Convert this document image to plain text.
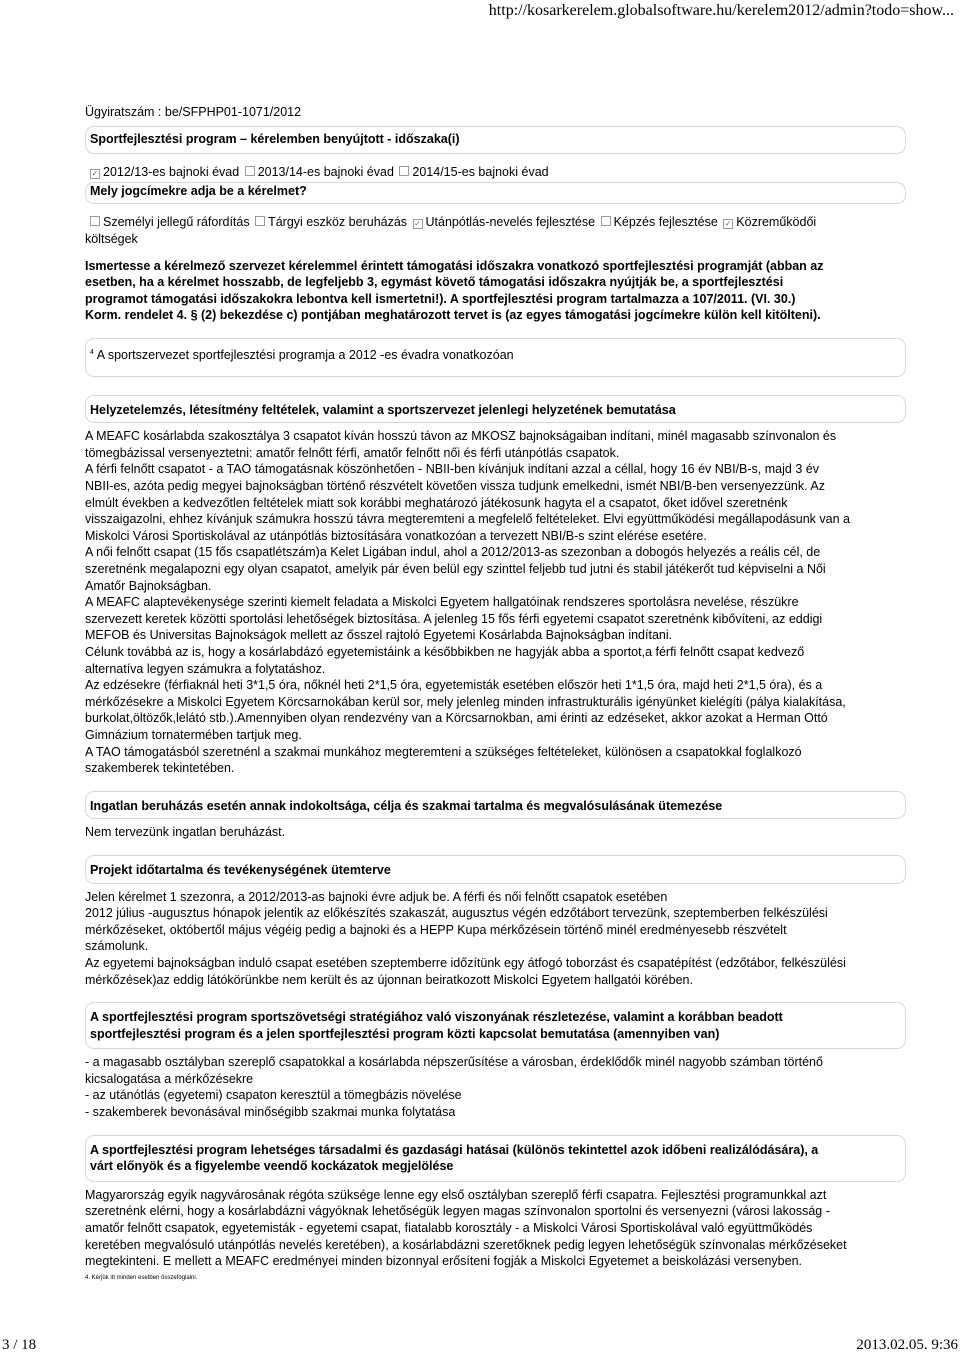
http://kosarkerelem.globalsoftware.hu/kerelem2012/admin?todo=show...
Ügyiratszám : be/SFPHP01-1071/2012
Sportfejlesztési program – kérelemben benyújtott - időszaka(i)
✓ 2012/13-es bajnoki évad 2013/14-es bajnoki évad 2014/15-es bajnoki évad
Mely jogcímekre adja be a kérelmet?
Személyi jellegű ráfordítás Tárgyi eszköz beruházás ✓ Utánpótlás-nevelés fejlesztése Képzés fejlesztése ✓ Közreműködői
költségek
Ismertesse a kérelmező szervezet kérelemmel érintett támogatási időszakra vonatkozó sportfejlesztési programját (abban az
esetben, ha a kérelmet hosszabb, de legfeljebb 3, egymást követő támogatási időszakra nyújtják be, a sportfejlesztési
programot támogatási időszakokra lebontva kell ismertetni!). A sportfejlesztési program tartalmazza a 107/2011. (VI. 30.)
Korm. rendelet 4. § (2) bekezdése c) pontjában meghatározott tervet is (az egyes támogatási jogcímekre külön kell kitölteni).
$^4$ A sportszervezet sportfejlesztési programja a 2012 -es évadra vonatkozóan
Helyzetelemzés, létesítmény feltételek, valamint a sportszervezet jelenlegi helyzetének bemutatása
A MEAFC kosárlabda szakosztálya 3 csapatot kíván hosszú távon az MKOSZ bajnokságaiban indítani, minél magasabb színvonalon és
tömegbázissal versenyeztetni: amatőr felnőtt férfi, amatőr felnőtt női és férfi utánpótlás csapatok.
A férfi felnőtt csapatot - a TAO támogatásnak köszönhetően - NBII-ben kívánjuk indítani azzal a céllal, hogy 16 év NBI/B-s, majd 3 év
NBII-es, azóta pedig megyei bajnokságban történő részvételt követően vissza tudjunk emelkedni, ismét NBI/B-ben versenyezzünk. Az
elmúlt években a kedvezőtlen feltételek miatt sok korábbi meghatározó játékosunk hagyta el a csapatot, őket idővel szeretnénk
visszaigazolni, ehhez kívánjuk számukra hosszú távra megteremteni a megfelelő feltételeket. Elvi együttműködési megállapodásunk van a
Miskolci Városi Sportiskolával az utánpótlás biztosítására vonatkozóan a tervezett NBI/B-s szint elérése esetére.
A női felnőtt csapat (15 fős csapatlétszám)a Kelet Ligában indul, ahol a 2012/2013-as szezonban a dobogós helyezés a reális cél, de
szeretnénk megalapozni egy olyan csapatot, amelyik pár éven belül egy szinttel feljebb tud jutni és stabil játékerőt tud képviselni a Női
Amatőr Bajnokságban.
A MEAFC alaptevékenysége szerinti kiemelt feladata a Miskolci Egyetem hallgatóinak rendszeres sportolásra nevelése, részükre
szervezett keretek közötti sportolási lehetőségek biztosítása. A jelenleg 15 fős férfi egyetemi csapatot szeretnénk kibővíteni, az eddigi
MEFOB és Universitas Bajnokságok mellett az ősszel rajtoló Egyetemi Kosárlabda Bajnokságban indítani.
Célunk továbbá az is, hogy a kosárlabdázó egyetemistáink a későbbikben ne hagyják abba a sportot,a férfi felnőtt csapat kedvező
alternatíva legyen számukra a folytatáshoz.
Az edzésekre (férfiaknál heti 3*1,5 óra, nőknél heti 2*1,5 óra, egyetemisták esetében először heti 1*1,5 óra, majd heti 2*1,5 óra), és a
mérkőzésekre a Miskolci Egyetem Körcsarnokában kerül sor, mely jelenleg minden infrastrukturális igényünket kielégíti (pálya kialakítása,
burkolat,öltözők,lelátó stb.).Amennyiben olyan rendezvény van a Körcsarnokban, ami érinti az edzéseket, akkor azokat a Herman Ottó
Gimnázium tornatermében tartjuk meg.
A TAO támogatásból szeretnénl a szakmai munkához megteremteni a szükséges feltételeket, különösen a csapatokkal foglalkozó
szakemberek tekintetében.
Ingatlan beruházás esetén annak indokoltsága, célja és szakmai tartalma és megvalósulásának ütemezése
Nem tervezünk ingatlan beruházást.
Projekt időtartalma és tevékenységének ütemterve
Jelen kérelmet 1 szezonra, a 2012/2013-as bajnoki évre adjuk be. A férfi és női felnőtt csapatok esetében
2012 július -augusztus hónapok jelentik az előkészítés szakaszát, augusztus végén edzőtábort tervezünk, szeptemberben felkészülési
mérkőzéseket, októbertől május végéig pedig a bajnoki és a HEPP Kupa mérkőzésein történő minél eredményesebb részvételt
számolunk.
Az egyetemi bajnokságban induló csapat esetében szeptemberre időzítünk egy átfogó toborzást és csapatépítést (edzőtábor, felkészülési
mérkőzések)az eddig látókörünkbe nem került és az újonnan beiratkozott Miskolci Egyetem hallgatói körében.
A sportfejlesztési program sportszövetségi stratégiához való viszonyának részletezése, valamint a korábban beadott
sportfejlesztési program és a jelen sportfejlesztési program közti kapcsolat bemutatása (amennyiben van)
- a magasabb osztályban szereplő csapatokkal a kosárlabda népszerűsítése a városban, érdeklődők minél nagyobb számban történő
kicsalogatása a mérkőzésekre
- az utánótlás (egyetemi) csapaton keresztül a tömegbázis növelése
- szakemberek bevonásával minőségibb szakmai munka folytatása
A sportfejlesztési program lehetséges társadalmi és gazdasági hatásai (különös tekintettel azok időbeni realizálódására), a
várt előnyök és a figyelembe veendő kockázatok megjelölése
Magyarország egyik nagyvárosának régóta szüksége lenne egy első osztályban szereplő férfi csapatra. Fejlesztési programunkkal azt
szeretnénk elérni, hogy a kosárlabdázni vágyóknak lehetőségük legyen magas színvonalon sportolni és versenyezni (városi lakosság -
amatőr felnőtt csapatok, egyetemisták - egyetemi csapat, fiatalabb korosztály - a Miskolci Városi Sportiskolával való együttműködés
keretében megvalósuló utánpótlás nevelés keretében), a kosárlabdázni szeretőknek pedig legyen lehetőségük színvonalas mérkőzéseket
megtekinteni. E mellett a MEAFC eredményei minden bizonnyal erősíteni fogják a Miskolci Egyetemet a beiskolázási versenyben.
4. Kérjük itt minden esetben összefoglalni.
3 / 18	2013.02.05. 9:36
